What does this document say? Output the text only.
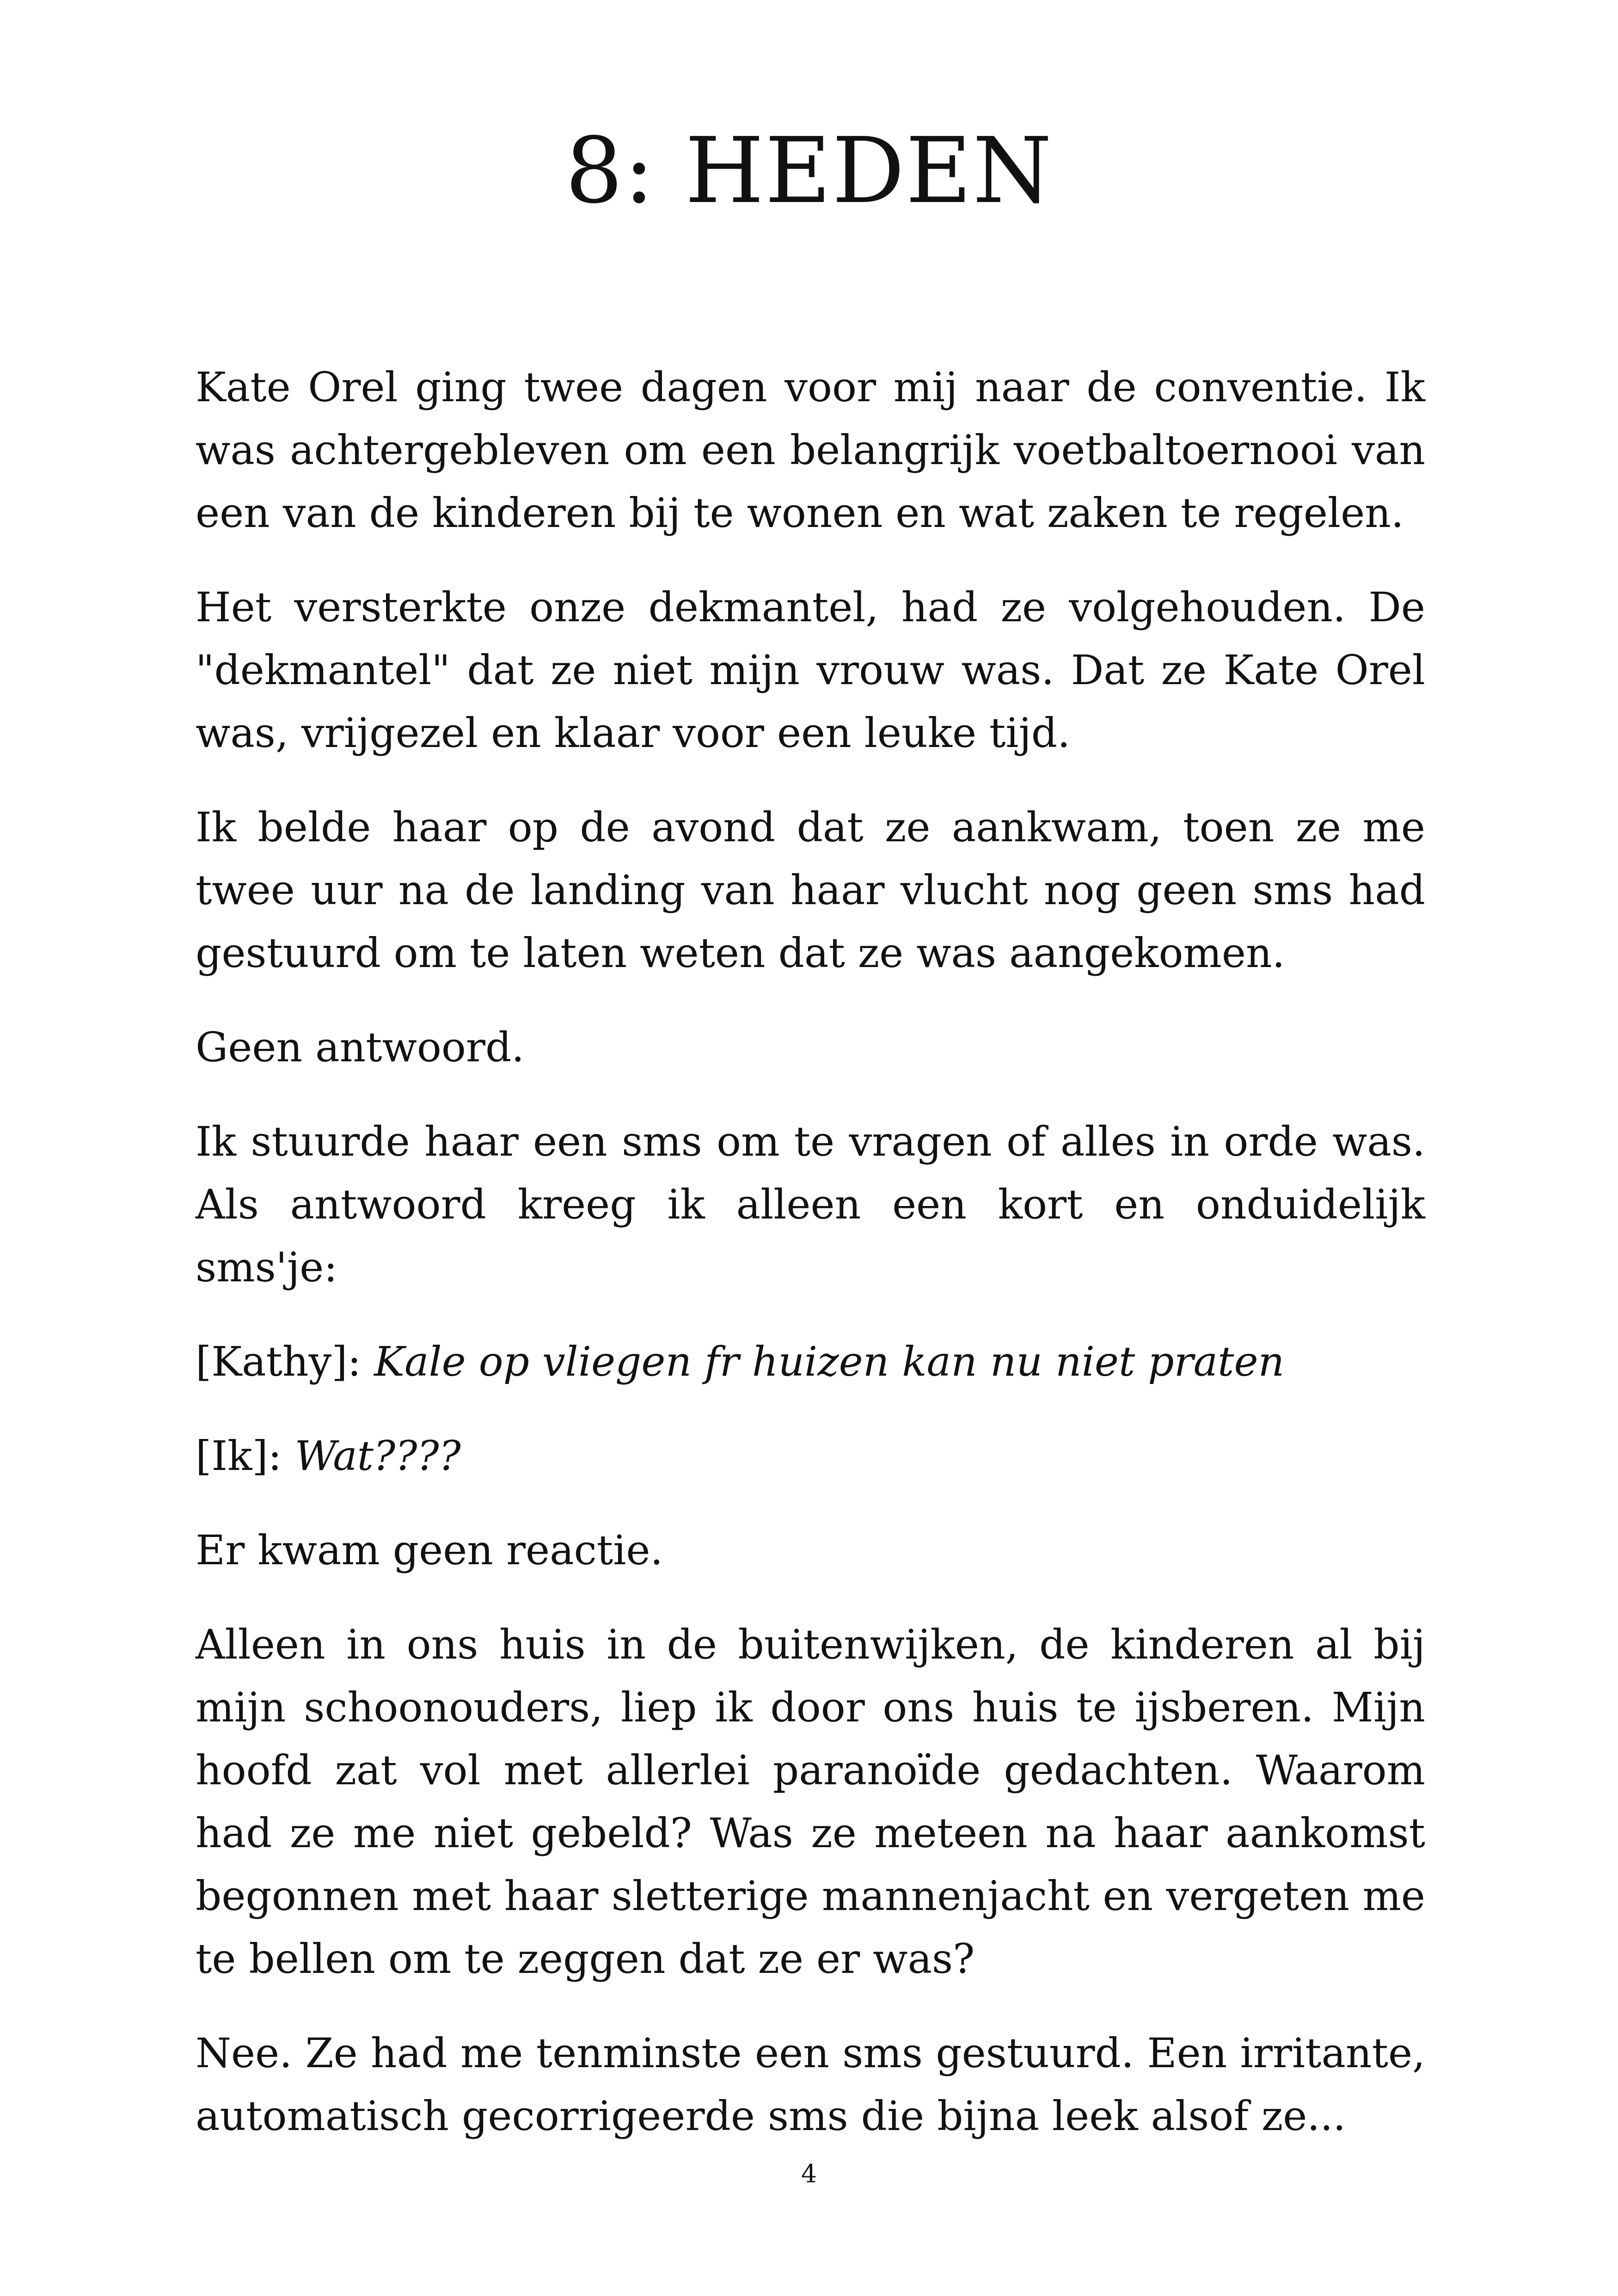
8: HEDEN

Kate Orel ging twee dagen voor mij naar de conventie. Ik was achtergebleven om een belangrijk voetbaltoernooi van een van de kinderen bij te wonen en wat zaken te regelen.

Het versterkte onze dekmantel, had ze volgehouden. De "dekmantel" dat ze niet mijn vrouw was. Dat ze Kate Orel was, vrijgezel en klaar voor een leuke tijd.

Ik belde haar op de avond dat ze aankwam, toen ze me twee uur na de landing van haar vlucht nog geen sms had gestuurd om te laten weten dat ze was aangekomen.

Geen antwoord.

Ik stuurde haar een sms om te vragen of alles in orde was. Als antwoord kreeg ik alleen een kort en onduidelijk sms'je:

[Kathy]: Kale op vliegen fr huizen kan nu niet praten

[Ik]: Wat????

Er kwam geen reactie.

Alleen in ons huis in de buitenwijken, de kinderen al bij mijn schoonouders, liep ik door ons huis te ijsberen. Mijn hoofd zat vol met allerlei paranoïde gedachten. Waarom had ze me niet gebeld? Was ze meteen na haar aankomst begonnen met haar sletterige mannenjacht en vergeten me te bellen om te zeggen dat ze er was?

Nee. Ze had me tenminste een sms gestuurd. Een irritante, automatisch gecorrigeerde sms die bijna leek alsof ze...

4
